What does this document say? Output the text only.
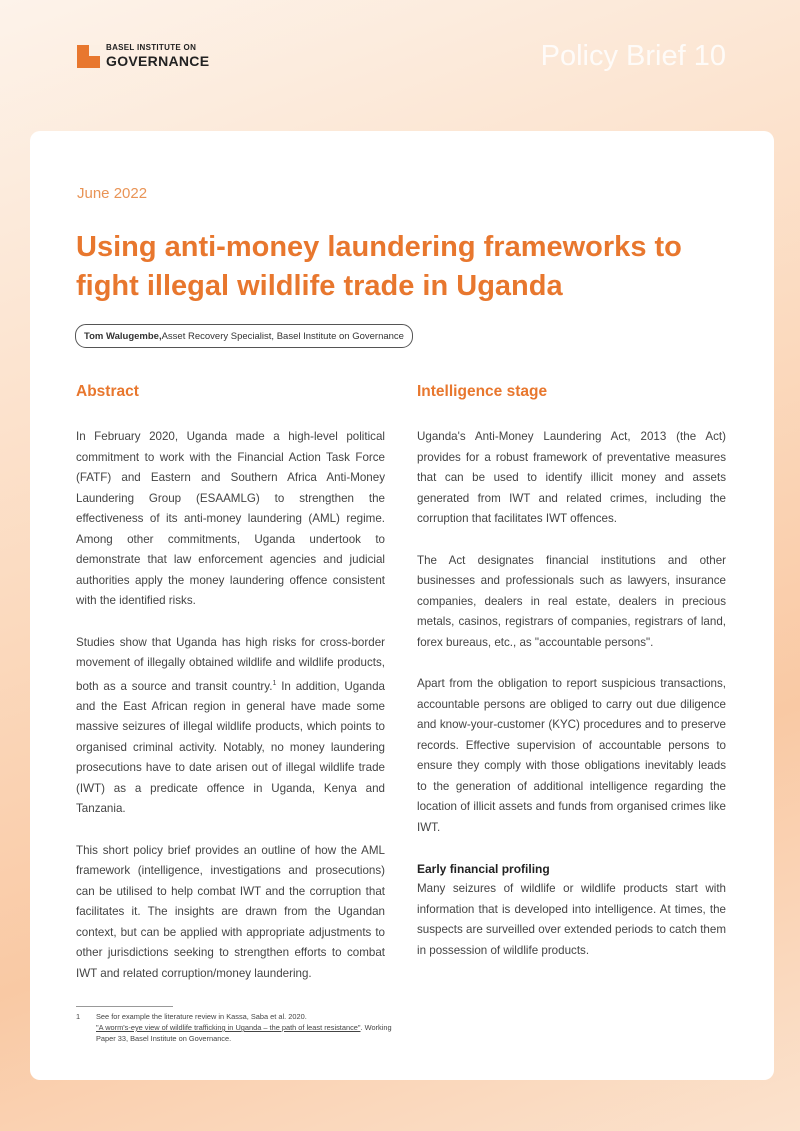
BASEL INSTITUTE ON
GOVERNANCE	Policy Brief 10
June 2022
Using anti-money laundering frameworks to fight illegal wildlife trade in Uganda
Tom Walugembe, Asset Recovery Specialist, Basel Institute on Governance
Abstract

In February 2020, Uganda made a high-level political commitment to work with the Financial Action Task Force (FATF) and Eastern and Southern Africa Anti-Money Laundering Group (ESAAMLG) to strengthen the effectiveness of its anti-money laundering (AML) regime. Among other commitments, Uganda undertook to demonstrate that law enforcement agencies and judicial authorities apply the money laundering offence consistent with the identified risks.

Studies show that Uganda has high risks for cross-border movement of illegally obtained wildlife and wildlife products, both as a source and transit country.$^1$ In addition, Uganda and the East African region in general have made some massive seizures of illegal wildlife products, which points to organised criminal activity. Notably, no money laundering prosecutions have to date arisen out of illegal wildlife trade (IWT) as a predicate offence in Uganda, Kenya and Tanzania.

This short policy brief provides an outline of how the AML framework (intelligence, investigations and prosecutions) can be utilised to help combat IWT and the corruption that facilitates it. The insights are drawn from the Ugandan context, but can be applied with appropriate adjustments to other jurisdictions seeking to strengthen efforts to combat IWT and related corruption/money laundering.

Intelligence stage

Uganda's Anti-Money Laundering Act, 2013 (the Act) provides for a robust framework of preventative measures that can be used to identify illicit money and assets generated from IWT and related crimes, including the corruption that facilitates IWT offences.

The Act designates financial institutions and other businesses and professionals such as lawyers, insurance companies, dealers in real estate, dealers in precious metals, casinos, registrars of companies, registrars of land, forex bureaus, etc., as "accountable persons".

Apart from the obligation to report suspicious transactions, accountable persons are obliged to carry out due diligence and know-your-customer (KYC) procedures and to preserve records. Effective supervision of accountable persons to ensure they comply with those obligations inevitably leads to the generation of additional intelligence regarding the location of illicit assets and funds from organised crimes like IWT.

Early financial profiling

Many seizures of wildlife or wildlife products start with information that is developed into intelligence. At times, the suspects are surveilled over extended periods to catch them in possession of wildlife products.

1	See for example the literature review in Kassa, Saba et al. 2020.
"A worm's-eye view of wildlife trafficking in Uganda – the path of least resistance". Working Paper 33, Basel Institute on Governance.
